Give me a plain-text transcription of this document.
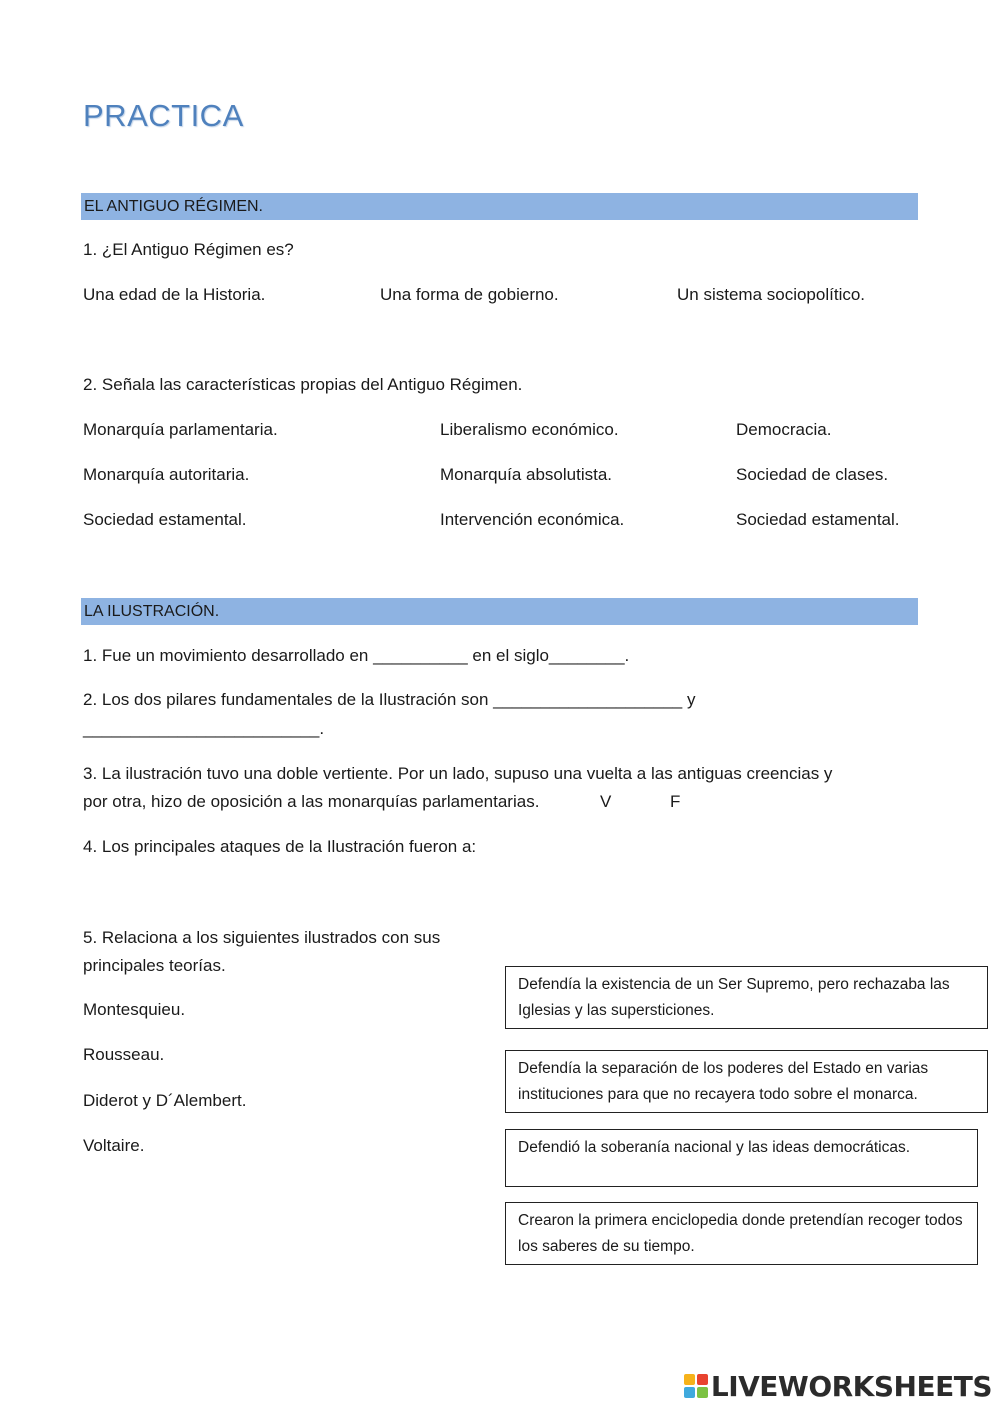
PRACTICA
EL ANTIGUO RÉGIMEN.
1. ¿El Antiguo Régimen es?
Una edad de la Historia.	Una forma de gobierno.	Un sistema sociopolítico.
2. Señala las características propias del Antiguo Régimen.
Monarquía parlamentaria.	Liberalismo económico.	Democracia.
Monarquía autoritaria.	Monarquía absolutista.	Sociedad de clases.
Sociedad estamental.	Intervención económica.	Sociedad estamental.
LA ILUSTRACIÓN.
1. Fue un movimiento desarrollado en __________ en el siglo________.
2. Los dos pilares fundamentales de la Ilustración son ____________________ y
_________________________.
3. La ilustración tuvo una doble vertiente. Por un lado, supuso una vuelta a las antiguas creencias y
por otra, hizo de oposición a las monarquías parlamentarias.	V	F
4. Los principales ataques de la Ilustración fueron a:
5. Relaciona a los siguientes ilustrados con sus
principales teorías.
Montesquieu.
Rousseau.
Diderot y D´Alembert.
Voltaire.
Defendía la existencia de un Ser Supremo, pero rechazaba las Iglesias y las supersticiones.
Defendía la separación de los poderes del Estado en varias instituciones para que no recayera todo sobre el monarca.
Defendió la soberanía nacional y las ideas democráticas.
Crearon la primera enciclopedia donde pretendían recoger todos los saberes de su tiempo.
LIVEWORKSHEETS
